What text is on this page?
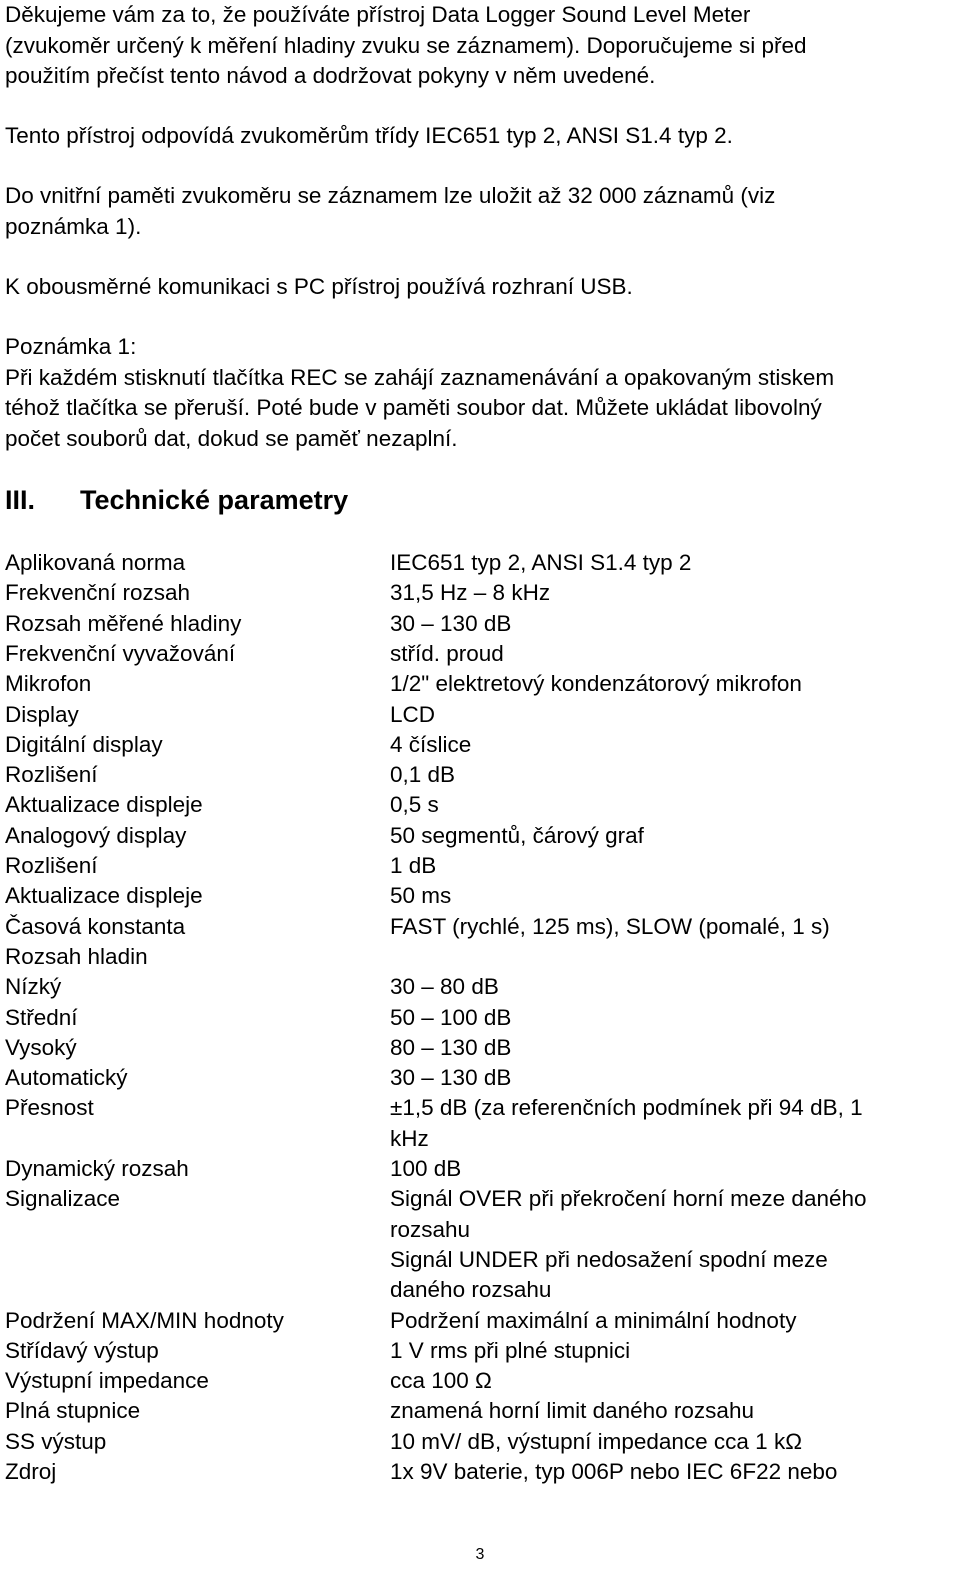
Děkujeme vám za to, že používáte přístroj Data Logger Sound Level Meter
(zvukoměr určený k měření hladiny zvuku se záznamem). Doporučujeme si před
použitím přečíst tento návod a dodržovat pokyny v něm uvedené.
Tento přístroj odpovídá zvukoměrům třídy IEC651 typ 2, ANSI S1.4 typ 2.
Do vnitřní paměti zvukoměru se záznamem lze uložit až 32 000 záznamů (viz
poznámka 1).
K obousměrné komunikaci s PC přístroj používá rozhraní USB.
Poznámka 1:
Při každém stisknutí tlačítka REC se zahájí zaznamenávání a opakovaným stiskem
téhož tlačítka se přeruší. Poté bude v paměti soubor dat. Můžete ukládat libovolný
počet souborů dat, dokud se paměť nezaplní.
III. Technické parametry
Aplikovaná norma	IEC651 typ 2, ANSI S1.4 typ 2
Frekvenční rozsah	31,5 Hz – 8 kHz
Rozsah měřené hladiny	30 – 130 dB
Frekvenční vyvažování	stříd. proud
Mikrofon	1/2" elektretový kondenzátorový mikrofon
Display	LCD
Digitální display	4 číslice
Rozlišení	0,1 dB
Aktualizace displeje	0,5 s
Analogový display	50 segmentů, čárový graf
Rozlišení	1 dB
Aktualizace displeje	50 ms
Časová konstanta	FAST (rychlé, 125 ms), SLOW (pomalé, 1 s)
Rozsah hladin
Nízký	30 – 80 dB
Střední	50 – 100 dB
Vysoký	80 – 130 dB
Automatický	30 – 130 dB
Přesnost	±1,5 dB (za referenčních podmínek při 94 dB, 1
kHz
Dynamický rozsah	100 dB
Signalizace	Signál OVER při překročení horní meze daného
rozsahu
Signál UNDER při nedosažení spodní meze
daného rozsahu
Podržení MAX/MIN hodnoty	Podržení maximální a minimální hodnoty
Střídavý výstup	1 V rms při plné stupnici
Výstupní impedance	cca 100 Ω
Plná stupnice	znamená horní limit daného rozsahu
SS výstup	10 mV/ dB, výstupní impedance cca 1 kΩ
Zdroj	1x 9V baterie, typ 006P nebo IEC 6F22 nebo
3
